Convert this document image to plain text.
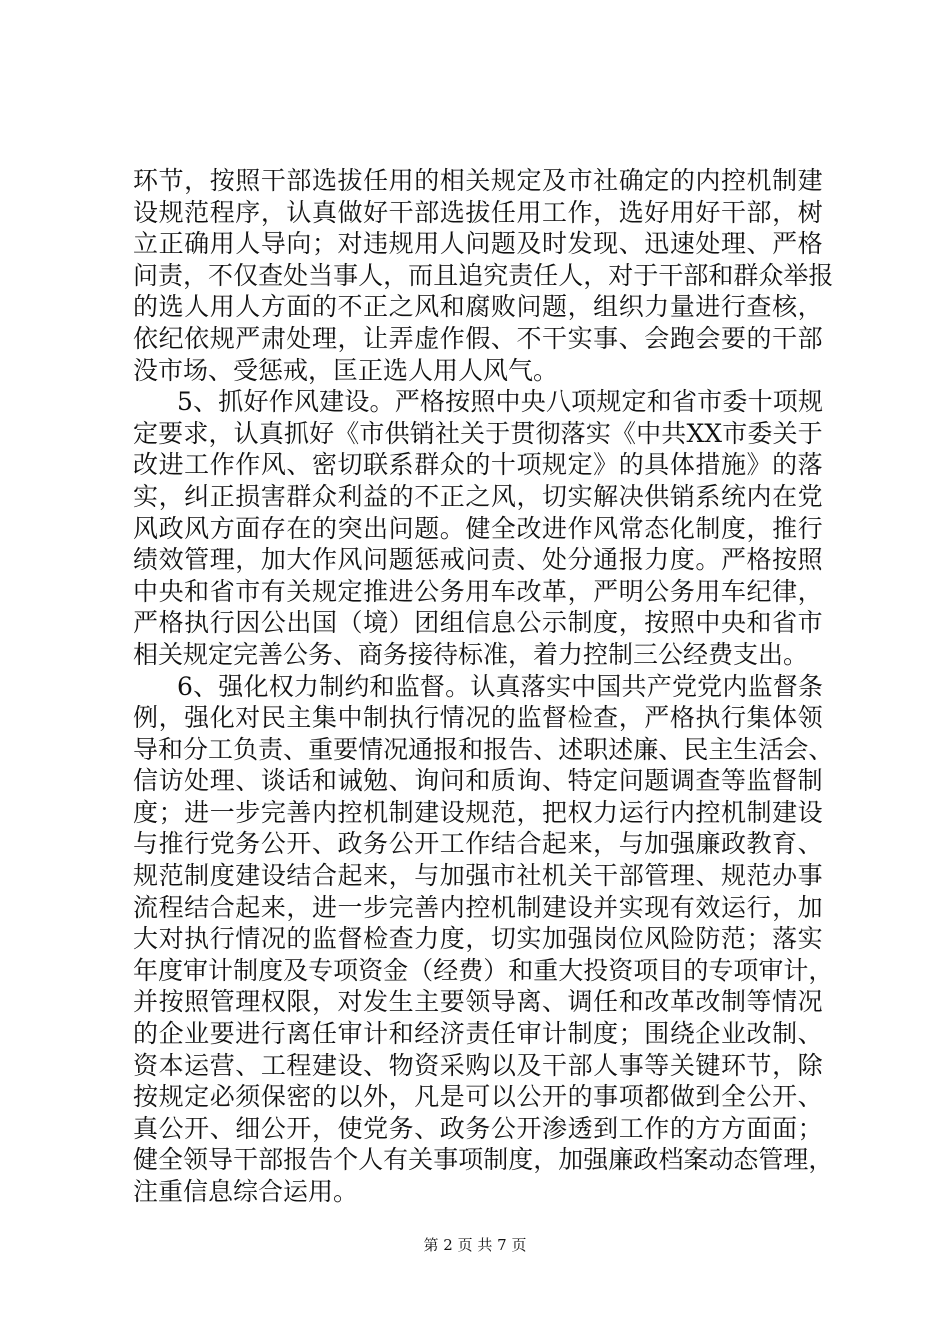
环 节 ， 按 照 干 部 选 拔 任 用 的 相 关 规 定 及 市 社 确 定 的 内 控 机 制 建
设 规 范 程 序 ， 认 真 做 好 干 部 选 拔 任 用 工 作 ， 选 好 用 好 干 部 ， 树
立 正 确 用 人 导 向 ； 对 违 规 用 人 问 题 及 时 发 现 、 迅 速 处 理 、 严 格
问 责 ， 不 仅 查 处 当 事 人 ， 而 且 追 究 责 任 人 ， 对 于 干 部 和 群 众 举 报
的 选 人 用 人 方 面 的 不 正 之 风 和 腐 败 问 题 ， 组 织 力 量 进 行 查 核 ，
依 纪 依 规 严 肃 处 理 ， 让 弄 虚 作 假 、 不 干 实 事 、 会 跑 会 要 的 干 部
没市场、受惩戒，匡正选人用人风气。
5 、 抓 好 作 风 建 设 。 严 格 按 照 中 央 八 项 规 定 和 省 市 委 十 项 规
定 要 求 ， 认 真 抓 好 《 市 供 销 社 关 于 贯 彻 落 实 《 中 共 XX 市 委 关 于
改 进 工 作 作 风 、 密 切 联 系 群 众 的 十 项 规 定 》 的 具 体 措 施 》 的 落
实 ， 纠 正 损 害 群 众 利 益 的 不 正 之 风 ， 切 实 解 决 供 销 系 统 内 在 党
风 政 风 方 面 存 在 的 突 出 问 题 。 健 全 改 进 作 风 常 态 化 制 度 ， 推 行
绩 效 管 理 ， 加 大 作 风 问 题 惩 戒 问 责 、 处 分 通 报 力 度 。 严 格 按 照
中 央 和 省 市 有 关 规 定 推 进 公 务 用 车 改 革 ， 严 明 公 务 用 车 纪 律 ，
严 格 执 行 因 公 出 国 （ 境 ） 团 组 信 息 公 示 制 度 ， 按 照 中 央 和 省 市
相关规定完善公务、商务接待标准，着力控制三公经费支出。
6 、 强 化 权 力 制 约 和 监 督 。 认 真 落 实 中 国 共 产 党 党 内 监 督 条
例 ， 强 化 对 民 主 集 中 制 执 行 情 况 的 监 督 检 查 ， 严 格 执 行 集 体 领
导 和 分 工 负 责 、 重 要 情 况 通 报 和 报 告 、 述 职 述 廉 、 民 主 生 活 会 、
信 访 处 理 、 谈 话 和 诫 勉 、 询 问 和 质 询 、 特 定 问 题 调 查 等 监 督 制
度 ； 进 一 步 完 善 内 控 机 制 建 设 规 范 ， 把 权 力 运 行 内 控 机 制 建 设
与 推 行 党 务 公 开 、 政 务 公 开 工 作 结 合 起 来 ， 与 加 强 廉 政 教 育 、
规 范 制 度 建 设 结 合 起 来 ， 与 加 强 市 社 机 关 干 部 管 理 、 规 范 办 事
流 程 结 合 起 来 ， 进 一 步 完 善 内 控 机 制 建 设 并 实 现 有 效 运 行 ， 加
大 对 执 行 情 况 的 监 督 检 查 力 度 ， 切 实 加 强 岗 位 风 险 防 范 ； 落 实
年 度 审 计 制 度 及 专 项 资 金 （ 经 费 ） 和 重 大 投 资 项 目 的 专 项 审 计 ，
并 按 照 管 理 权 限 ， 对 发 生 主 要 领 导 离 、 调 任 和 改 革 改 制 等 情 况
的 企 业 要 进 行 离 任 审 计 和 经 济 责 任 审 计 制 度 ； 围 绕 企 业 改 制 、
资 本 运 营 、 工 程 建 设 、 物 资 采 购 以 及 干 部 人 事 等 关 键 环 节 ， 除
按 规 定 必 须 保 密 的 以 外 ， 凡 是 可 以 公 开 的 事 项 都 做 到 全 公 开 、
真 公 开 、 细 公 开 ， 使 党 务 、 政 务 公 开 渗 透 到 工 作 的 方 方 面 面 ；
健 全 领 导 干 部 报 告 个 人 有 关 事 项 制 度 ， 加 强 廉 政 档 案 动 态 管 理 ，
注重信息综合运用。
第 2 页 共 7 页
